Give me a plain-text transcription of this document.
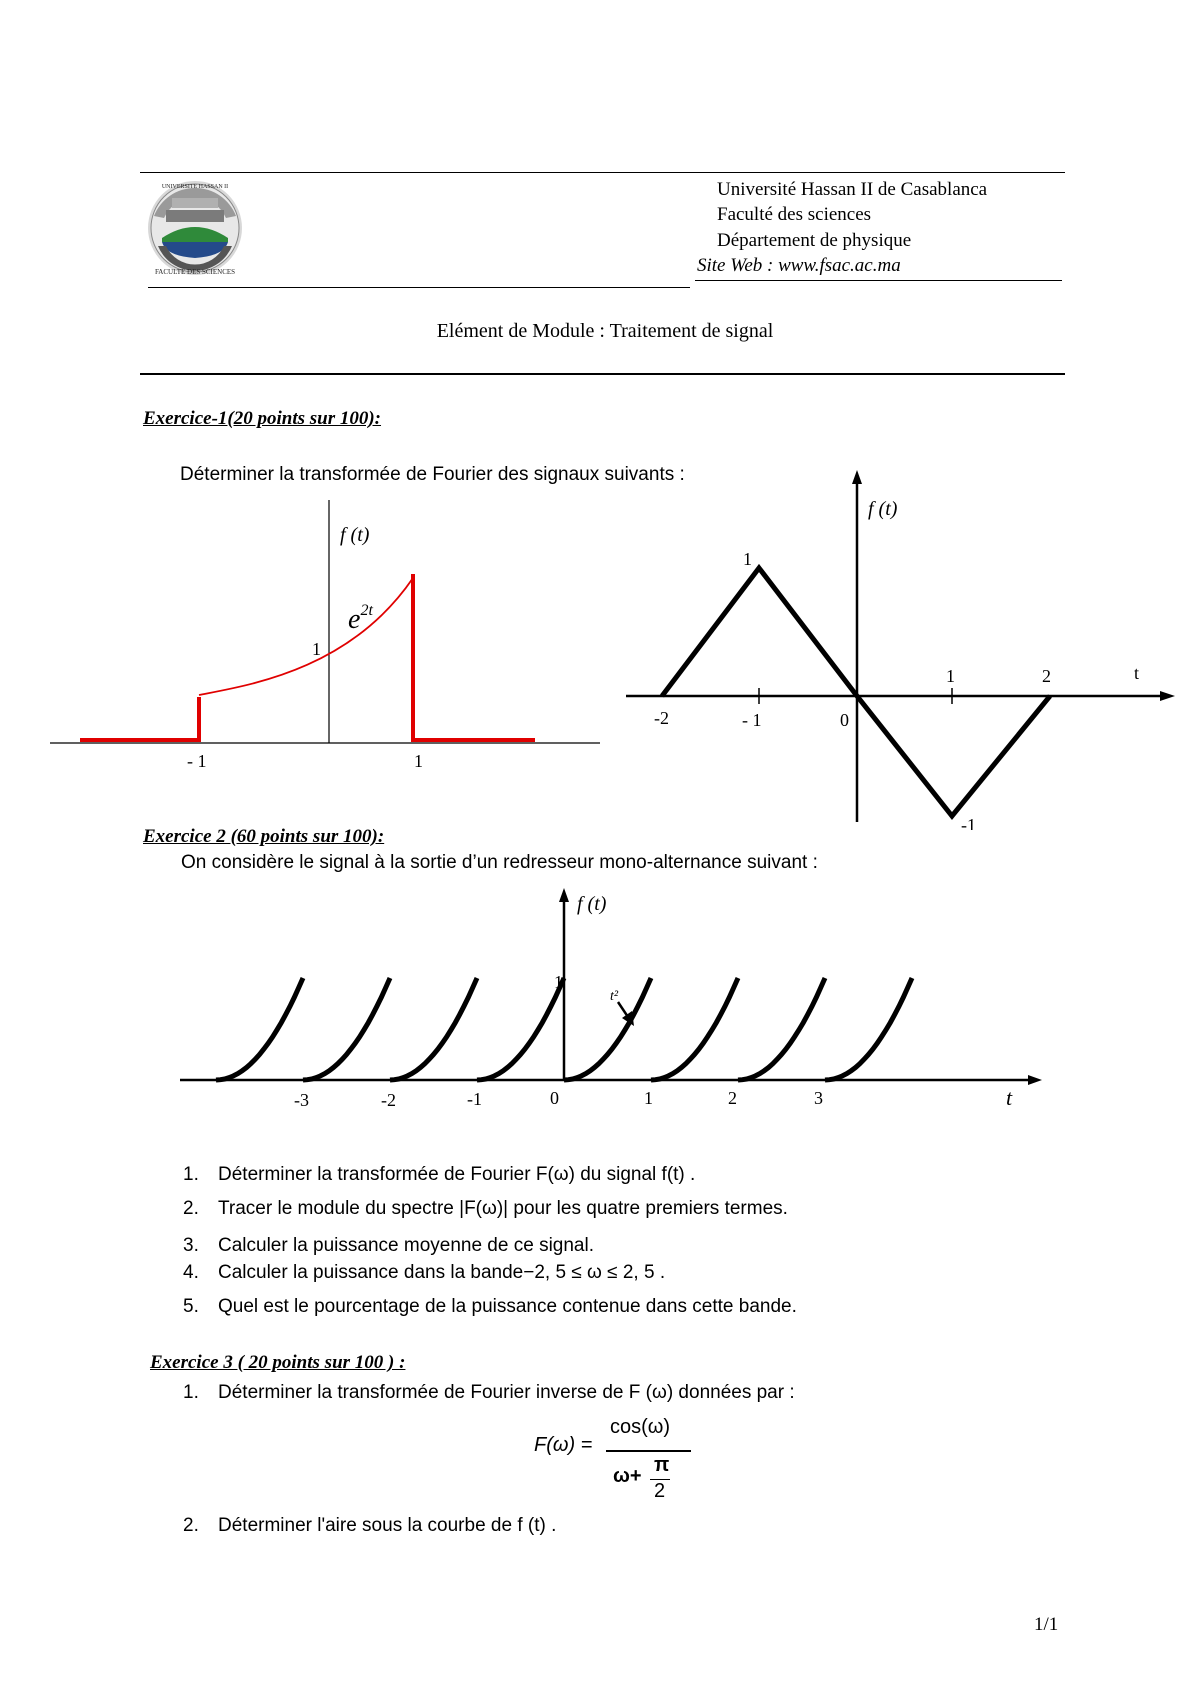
FACULTE DES SCIENCES
UNIVERSITE HASSAN II	Université Hassan II de Casablanca
Faculté des sciences
Département de physique
Site Web : www.fsac.ac.ma
Elément de Module : Traitement de signal
Exercice-1(20 points sur 100):
Déterminer la transformée de Fourier des signaux suivants :
f (t)
$e^{2t}$
1
- 1	1
f (t)
1
-1
t
-2	- 1	0
1	2
Exercice 2 (60 points sur 100):
On considère le signal à la sortie d’un redresseur mono-alternance suivant :
f (t)
1
t²
t
-3	-2	-1	0	1	2	3
1. Déterminer la transformée de Fourier F(ω) du signal f(t) .
2. Tracer le module du spectre |F(ω)| pour les quatre premiers termes.
3. Calculer la puissance moyenne de ce signal.
4. Calculer la puissance dans la bande−2, 5 ≤ ω ≤ 2, 5 .
5. Quel est le pourcentage de la puissance contenue dans cette bande.
Exercice 3 ( 20 points sur 100 ) :
1. Déterminer la transformée de Fourier inverse de F (ω) données par :
F(ω) =
cos(ω)
ω+ π
2
2. Déterminer l'aire sous la courbe de f (t) .
1/1
